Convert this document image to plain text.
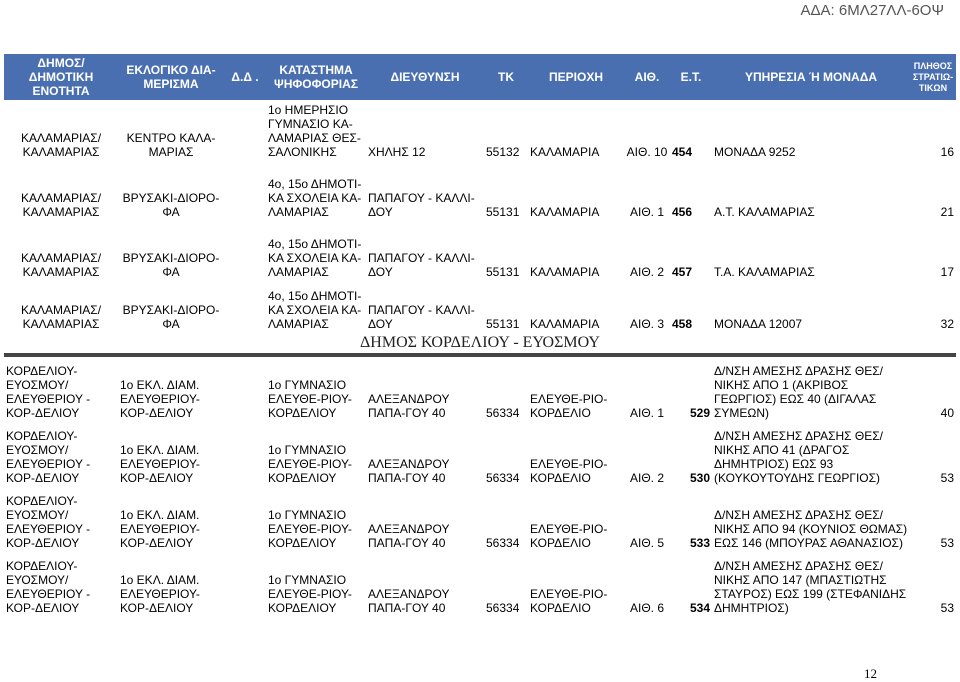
ΑΔΑ: 6ΜΛ27ΛΛ-6ΟΨ
ΔΗΜΟΣ/ΔΗΜΟΤΙΚΗ ΕΝΟΤΗΤΑ	ΕΚΛΟΓΙΚΟ ΔΙΑ-ΜΕΡΙΣΜΑ	Δ.Δ .	ΚΑΤΑΣΤΗΜΑ ΨΗΦΟΦΟΡΙΑΣ	ΔΙΕΥΘΥΝΣΗ	ΤΚ	ΠΕΡΙΟΧΗ	ΑΙΘ.	Ε.Τ.	ΥΠΗΡΕΣΙΑ Ή ΜΟΝΑΔΑ	ΠΛΗΘΟΣ ΣΤΡΑΤΙΩ-ΤΙΚΩΝ
ΚΑΛΑΜΑΡΙΑΣ/ ΚΑΛΑΜΑΡΙΑΣ	ΚΕΝΤΡΟ ΚΑΛΑ-ΜΑΡΙΑΣ		1ο ΗΜΕΡΗΣΙΟ ΓΥΜΝΑΣΙΟ ΚΑ-ΛΑΜΑΡΙΑΣ ΘΕΣ-ΣΑΛΟΝΙΚΗΣ	ΧΗΛΗΣ 12	55132	ΚΑΛΑΜΑΡΙΑ	ΑΙΘ. 10	454	ΜΟΝΑΔΑ 9252	16
ΚΑΛΑΜΑΡΙΑΣ/ ΚΑΛΑΜΑΡΙΑΣ	ΒΡΥΣΑΚΙ-ΔΙΟΡΟ-ΦΑ		4ο, 15ο ΔΗΜΟΤΙ-ΚΑ ΣΧΟΛΕΙΑ ΚΑ-ΛΑΜΑΡΙΑΣ	ΠΑΠΑΓΟΥ - ΚΑΛΛΙ-ΔΟΥ	55131	ΚΑΛΑΜΑΡΙΑ	ΑΙΘ. 1	456	Α.Τ. ΚΑΛΑΜΑΡΙΑΣ	21
ΚΑΛΑΜΑΡΙΑΣ/ ΚΑΛΑΜΑΡΙΑΣ	ΒΡΥΣΑΚΙ-ΔΙΟΡΟ-ΦΑ		4ο, 15ο ΔΗΜΟΤΙ-ΚΑ ΣΧΟΛΕΙΑ ΚΑ-ΛΑΜΑΡΙΑΣ	ΠΑΠΑΓΟΥ - ΚΑΛΛΙ-ΔΟΥ	55131	ΚΑΛΑΜΑΡΙΑ	ΑΙΘ. 2	457	Τ.Α. ΚΑΛΑΜΑΡΙΑΣ	17
ΚΑΛΑΜΑΡΙΑΣ/ ΚΑΛΑΜΑΡΙΑΣ	ΒΡΥΣΑΚΙ-ΔΙΟΡΟ-ΦΑ		4ο, 15ο ΔΗΜΟΤΙ-ΚΑ ΣΧΟΛΕΙΑ ΚΑ-ΛΑΜΑΡΙΑΣ	ΠΑΠΑΓΟΥ - ΚΑΛΛΙ-ΔΟΥ	55131	ΚΑΛΑΜΑΡΙΑ	ΑΙΘ. 3	458	ΜΟΝΑΔΑ 12007	32
ΔΗΜΟΣ ΚΟΡΔΕΛΙΟΥ - ΕΥΟΣΜΟΥ										

ΚΟΡΔΕΛΙΟΥ-ΕΥΟΣΜΟΥ/ ΕΛΕΥΘΕΡΙΟΥ - ΚΟΡ-ΔΕΛΙΟΥ	1ο ΕΚΛ. ΔΙΑΜ. ΕΛΕΥΘΕΡΙΟΥ-ΚΟΡ-ΔΕΛΙΟΥ		1ο ΓΥΜΝΑΣΙΟ ΕΛΕΥΘΕ-ΡΙΟΥ-ΚΟΡΔΕΛΙΟΥ	ΑΛΕΞΑΝΔΡΟΥ ΠΑΠΑ-ΓΟΥ 40	56334	ΕΛΕΥΘΕ-ΡΙΟ-ΚΟΡΔΕΛΙΟ	ΑΙΘ. 1	529	Δ/ΝΣΗ ΑΜΕΣΗΣ ΔΡΑΣΗΣ ΘΕΣ/ΝΙΚΗΣ ΑΠΟ 1 (ΑΚΡΙΒΟΣ ΓΕΩΡΓΙΟΣ) ΕΩΣ 40 (ΔΙΓΑΛΑΣ ΣΥΜΕΩΝ)	40
ΚΟΡΔΕΛΙΟΥ-ΕΥΟΣΜΟΥ/ ΕΛΕΥΘΕΡΙΟΥ - ΚΟΡ-ΔΕΛΙΟΥ	1ο ΕΚΛ. ΔΙΑΜ. ΕΛΕΥΘΕΡΙΟΥ-ΚΟΡ-ΔΕΛΙΟΥ		1ο ΓΥΜΝΑΣΙΟ ΕΛΕΥΘΕ-ΡΙΟΥ-ΚΟΡΔΕΛΙΟΥ	ΑΛΕΞΑΝΔΡΟΥ ΠΑΠΑ-ΓΟΥ 40	56334	ΕΛΕΥΘΕ-ΡΙΟ-ΚΟΡΔΕΛΙΟ	ΑΙΘ. 2	530	Δ/ΝΣΗ ΑΜΕΣΗΣ ΔΡΑΣΗΣ ΘΕΣ/ΝΙΚΗΣ ΑΠΟ 41 (ΔΡΑΓΟΣ ΔΗΜΗΤΡΙΟΣ) ΕΩΣ 93 (ΚΟΥΚΟΥΤΟΥΔΗΣ ΓΕΩΡΓΙΟΣ)	53
ΚΟΡΔΕΛΙΟΥ-ΕΥΟΣΜΟΥ/ ΕΛΕΥΘΕΡΙΟΥ - ΚΟΡ-ΔΕΛΙΟΥ	1ο ΕΚΛ. ΔΙΑΜ. ΕΛΕΥΘΕΡΙΟΥ-ΚΟΡ-ΔΕΛΙΟΥ		1ο ΓΥΜΝΑΣΙΟ ΕΛΕΥΘΕ-ΡΙΟΥ-ΚΟΡΔΕΛΙΟΥ	ΑΛΕΞΑΝΔΡΟΥ ΠΑΠΑ-ΓΟΥ 40	56334	ΕΛΕΥΘΕ-ΡΙΟ-ΚΟΡΔΕΛΙΟ	ΑΙΘ. 5	533	Δ/ΝΣΗ ΑΜΕΣΗΣ ΔΡΑΣΗΣ ΘΕΣ/ΝΙΚΗΣ ΑΠΟ 94 (ΚΟΥΝΙΟΣ ΘΩΜΑΣ) ΕΩΣ 146 (ΜΠΟΥΡΑΣ ΑΘΑΝΑΣΙΟΣ)	53
ΚΟΡΔΕΛΙΟΥ-ΕΥΟΣΜΟΥ/ ΕΛΕΥΘΕΡΙΟΥ - ΚΟΡ-ΔΕΛΙΟΥ	1ο ΕΚΛ. ΔΙΑΜ. ΕΛΕΥΘΕΡΙΟΥ-ΚΟΡ-ΔΕΛΙΟΥ		1ο ΓΥΜΝΑΣΙΟ ΕΛΕΥΘΕ-ΡΙΟΥ-ΚΟΡΔΕΛΙΟΥ	ΑΛΕΞΑΝΔΡΟΥ ΠΑΠΑ-ΓΟΥ 40	56334	ΕΛΕΥΘΕ-ΡΙΟ-ΚΟΡΔΕΛΙΟ	ΑΙΘ. 6	534	Δ/ΝΣΗ ΑΜΕΣΗΣ ΔΡΑΣΗΣ ΘΕΣ/ΝΙΚΗΣ ΑΠΟ 147 (ΜΠΑΣΤΙΩΤΗΣ ΣΤΑΥΡΟΣ) ΕΩΣ 199 (ΣΤΕΦΑΝΙΔΗΣ ΔΗΜΗΤΡΙΟΣ)	53
12
